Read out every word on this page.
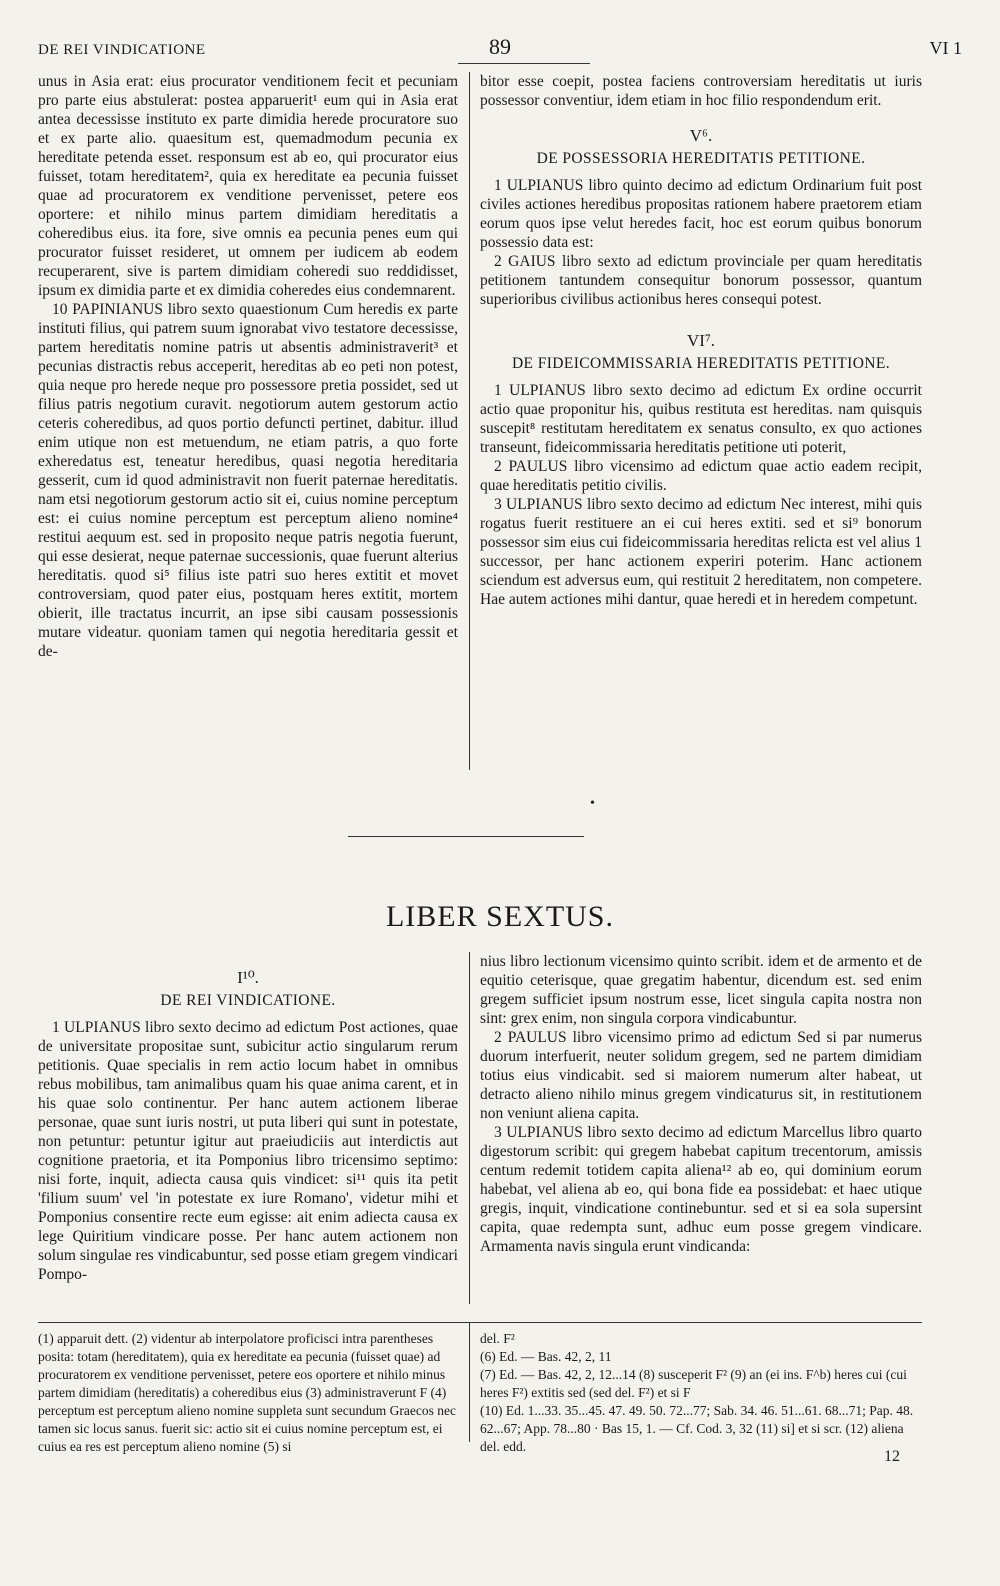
DE REI VINDICATIONE	89	VI 1

unus in Asia erat: eius procurator venditionem fecit et pecuniam pro parte eius abstulerat: postea apparuerit¹ eum qui in Asia erat antea decessisse instituto ex parte dimidia herede procuratore suo et ex parte alio. quaesitum est, quemadmodum pecunia ex hereditate petenda esset. responsum est ab eo, qui procurator eius fuisset, totam hereditatem², quia ex hereditate ea pecunia fuisset quae ad procuratorem ex venditione pervenisset, petere eos oportere: et nihilo minus partem dimidiam hereditatis a coheredibus eius. ita fore, sive omnis ea pecunia penes eum qui procurator fuisset resideret, ut omnem per iudicem ab eodem recuperarent, sive is partem dimidiam coheredi suo reddidisset, ipsum ex dimidia parte et ex dimidia coheredes eius condemnarent.

10 PAPINIANUS libro sexto quaestionum Cum heredis ex parte instituti filius, qui patrem suum ignorabat vivo testatore decessisse, partem hereditatis nomine patris ut absentis administraverit³ et pecunias distractis rebus acceperit, hereditas ab eo peti non potest, quia neque pro herede neque pro possessore pretia possidet, sed ut filius patris negotium curavit. negotiorum autem gestorum actio ceteris coheredibus, ad quos portio defuncti pertinet, dabitur. illud enim utique non est metuendum, ne etiam patris, a quo forte exheredatus est, teneatur heredibus, quasi negotia hereditaria gesserit, cum id quod administravit non fuerit paternae hereditatis. nam etsi negotiorum gestorum actio sit ei, cuius nomine perceptum est: ei cuius nomine perceptum est perceptum alieno nomine⁴ restitui aequum est. sed in proposito neque patris negotia fuerunt, qui esse desierat, neque paternae successionis, quae fuerunt alterius hereditatis. quod si⁵ filius iste patri suo heres extitit et movet controversiam, quod pater eius, postquam heres extitit, mortem obierit, ille tractatus incurrit, an ipse sibi causam possessionis mutare videatur. quoniam tamen qui negotia hereditaria gessit et de-

bitor esse coepit, postea faciens controversiam hereditatis ut iuris possessor conventiur, idem etiam in hoc filio respondendum erit.

V⁶.
DE POSSESSORIA HEREDITATIS PETITIONE.

1 ULPIANUS libro quinto decimo ad edictum Ordinarium fuit post civiles actiones heredibus propositas rationem habere praetorem etiam eorum quos ipse velut heredes facit, hoc est eorum quibus bonorum possessio data est:

2 GAIUS libro sexto ad edictum provinciale per quam hereditatis petitionem tantundem consequitur bonorum possessor, quantum superioribus civilibus actionibus heres consequi potest.

VI⁷.
DE FIDEICOMMISSARIA HEREDITATIS PETITIONE.

1 ULPIANUS libro sexto decimo ad edictum Ex ordine occurrit actio quae proponitur his, quibus restituta est hereditas. nam quisquis suscepit⁸ restitutam hereditatem ex senatus consulto, ex quo actiones transeunt, fideicommissaria hereditatis petitione uti poterit,

2 PAULUS libro vicensimo ad edictum quae actio eadem recipit, quae hereditatis petitio civilis.

3 ULPIANUS libro sexto decimo ad edictum Nec interest, mihi quis rogatus fuerit restituere an ei cui heres extiti. sed et si⁹ bonorum possessor sim eius cui fideicommissaria hereditas relicta est vel alius 1 successor, per hanc actionem experiri poterim. Hanc actionem sciendum est adversus eum, qui restituit 2 hereditatem, non competere. Hae autem actiones mihi dantur, quae heredi et in heredem competunt.

•
LIBER SEXTUS.
I¹⁰.
DE REI VINDICATIONE.

1 ULPIANUS libro sexto decimo ad edictum Post actiones, quae de universitate propositae sunt, subicitur actio singularum rerum petitionis. Quae specialis in rem actio locum habet in omnibus rebus mobilibus, tam animalibus quam his quae anima carent, et in his quae solo continentur. Per hanc autem actionem liberae personae, quae sunt iuris nostri, ut puta liberi qui sunt in potestate, non petuntur: petuntur igitur aut praeiudiciis aut interdictis aut cognitione praetoria, et ita Pomponius libro tricensimo septimo: nisi forte, inquit, adiecta causa quis vindicet: si¹¹ quis ita petit 'filium suum' vel 'in potestate ex iure Romano', videtur mihi et Pomponius consentire recte eum egisse: ait enim adiecta causa ex lege Quiritium vindicare posse. Per hanc autem actionem non solum singulae res vindicabuntur, sed posse etiam gregem vindicari Pompo-

nius libro lectionum vicensimo quinto scribit. idem et de armento et de equitio ceterisque, quae gregatim habentur, dicendum est. sed enim gregem sufficiet ipsum nostrum esse, licet singula capita nostra non sint: grex enim, non singula corpora vindicabuntur.

2 PAULUS libro vicensimo primo ad edictum Sed si par numerus duorum interfuerit, neuter solidum gregem, sed ne partem dimidiam totius eius vindicabit. sed si maiorem numerum alter habeat, ut detracto alieno nihilo minus gregem vindicaturus sit, in restitutionem non veniunt aliena capita.

3 ULPIANUS libro sexto decimo ad edictum Marcellus libro quarto digestorum scribit: qui gregem habebat capitum trecentorum, amissis centum redemit totidem capita aliena¹² ab eo, qui dominium eorum habebat, vel aliena ab eo, qui bona fide ea possidebat: et haec utique gregis, inquit, vindicatione continebuntur. sed et si ea sola supersint capita, quae redempta sunt, adhuc eum posse gregem vindicare. Armamenta navis singula erunt vindicanda:

(1) apparuit dett. (2) videntur ab interpolatore proficisci intra parentheses posita: totam (hereditatem), quia ex hereditate ea pecunia (fuisset quae) ad procuratorem ex venditione pervenisset, petere eos oportere et nihilo minus partem dimidiam (hereditatis) a coheredibus eius (3) administraverunt F (4) perceptum est perceptum alieno nomine suppleta sunt secundum Graecos nec tamen sic locus sanus. fuerit sic: actio sit ei cuius nomine perceptum est, ei cuius ea res est perceptum alieno nomine (5) si

del. F²

(6) Ed. — Bas. 42, 2, 11

(7) Ed. — Bas. 42, 2, 12...14 (8) susceperit F² (9) an (ei ins. F^b) heres cui (cui heres F²) extitis sed (sed del. F²) et si F

(10) Ed. 1...33. 35...45. 47. 49. 50. 72...77; Sab. 34. 46. 51...61. 68...71; Pap. 48. 62...67; App. 78...80 · Bas 15, 1. — Cf. Cod. 3, 32 (11) si] et si scr. (12) aliena del. edd.

12
